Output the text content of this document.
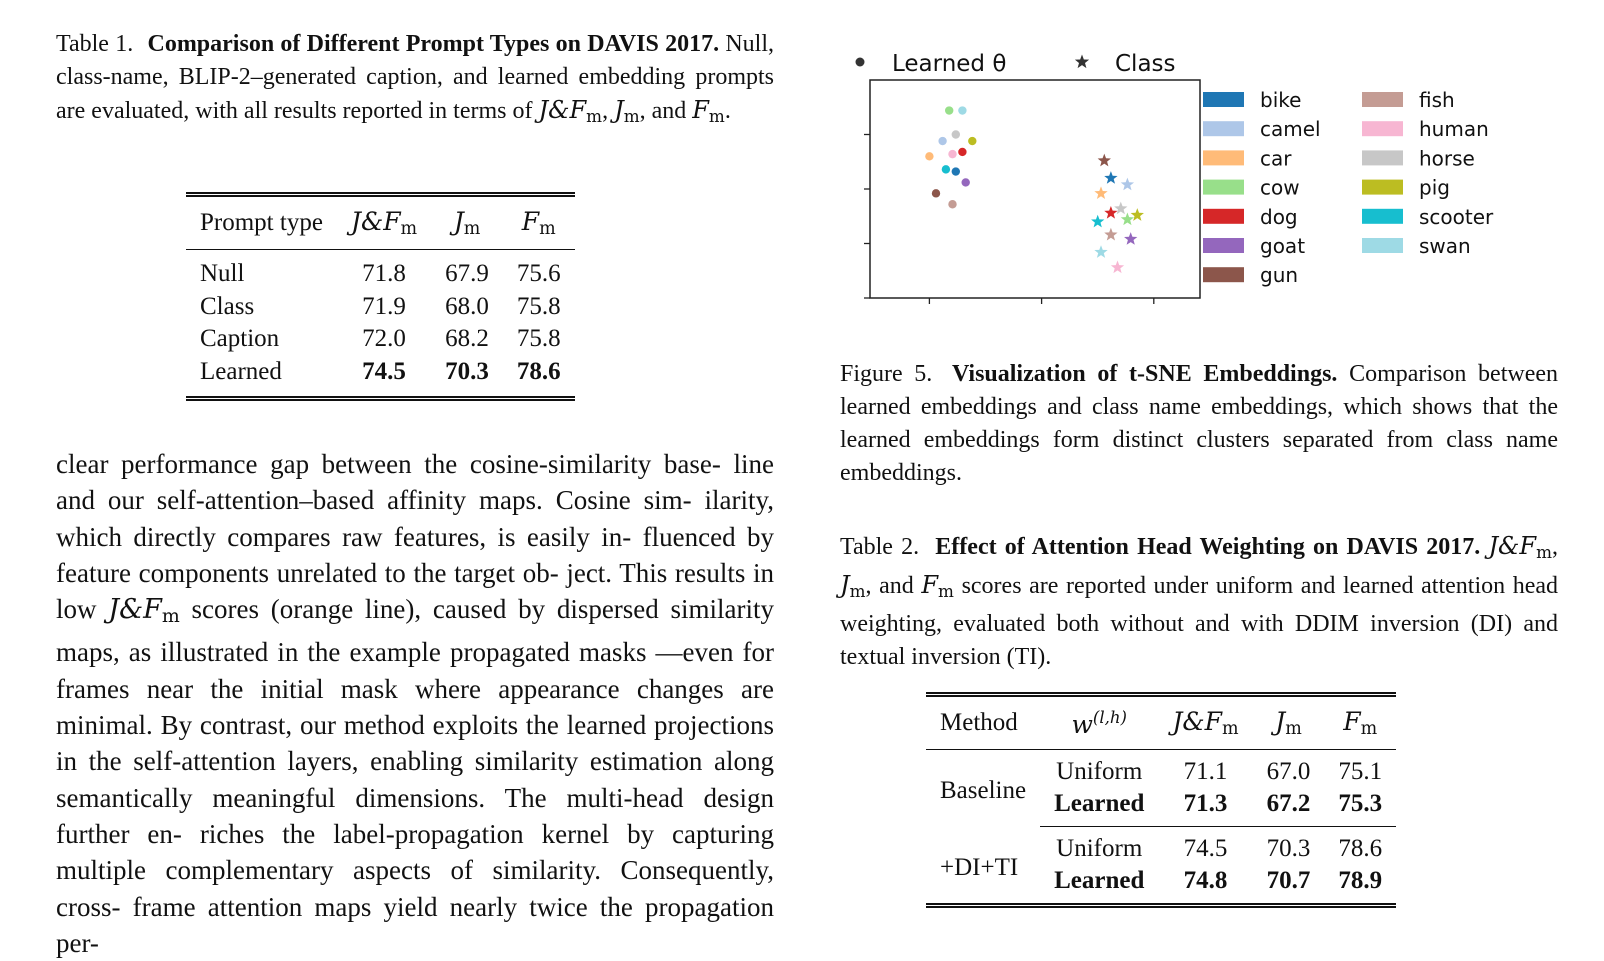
Table 1. Comparison of Different Prompt Types on DAVIS 2017. Null, class-name, BLIP-2–generated caption, and learned embedding prompts are evaluated, with all results reported in terms of $J\&F_m$, $J_m$, and $F_m$.

Prompt type	$J\&F_m$	$J_m$	$F_m$
Null	71.8	67.9	75.6
Class	71.9	68.0	75.8
Caption	72.0	68.2	75.8
Learned	74.5	70.3	78.6

clear performance gap between the cosine-similarity base- line and our self-attention–based affinity maps. Cosine sim- ilarity, which directly compares raw features, is easily in- fluenced by feature components unrelated to the target ob- ject. This results in low $J\&F_m$ scores (orange line), caused by dispersed similarity maps, as illustrated in the example propagated masks —even for frames near the initial mask where appearance changes are minimal. By contrast, our method exploits the learned projections in the self-attention layers, enabling similarity estimation along semantically meaningful dimensions. The multi-head design further en- riches the label-propagation kernel by capturing multiple complementary aspects of similarity. Consequently, cross- frame attention maps yield nearly twice the propagation per-

Learned θ	Class
bike
camel
car
cow
dog
goat
gun
fish
human
horse
pig
scooter
swan

Figure 5. Visualization of t-SNE Embeddings. Comparison between learned embeddings and class name embeddings, which shows that the learned embeddings form distinct clusters separated from class name embeddings.

Table 2. Effect of Attention Head Weighting on DAVIS 2017. $J\&F_m$, $J_m$, and $F_m$ scores are reported under uniform and learned attention head weighting, evaluated both without and with DDIM inversion (DI) and textual inversion (TI).

Method	$w^{(l,h)}$	$J\&F_m$	$J_m$	$F_m$
Baseline	Uniform	71.1	67.0	75.1
	Learned	71.3	67.2	75.3
+DI+TI	Uniform	74.5	70.3	78.6
	Learned	74.8	70.7	78.9
